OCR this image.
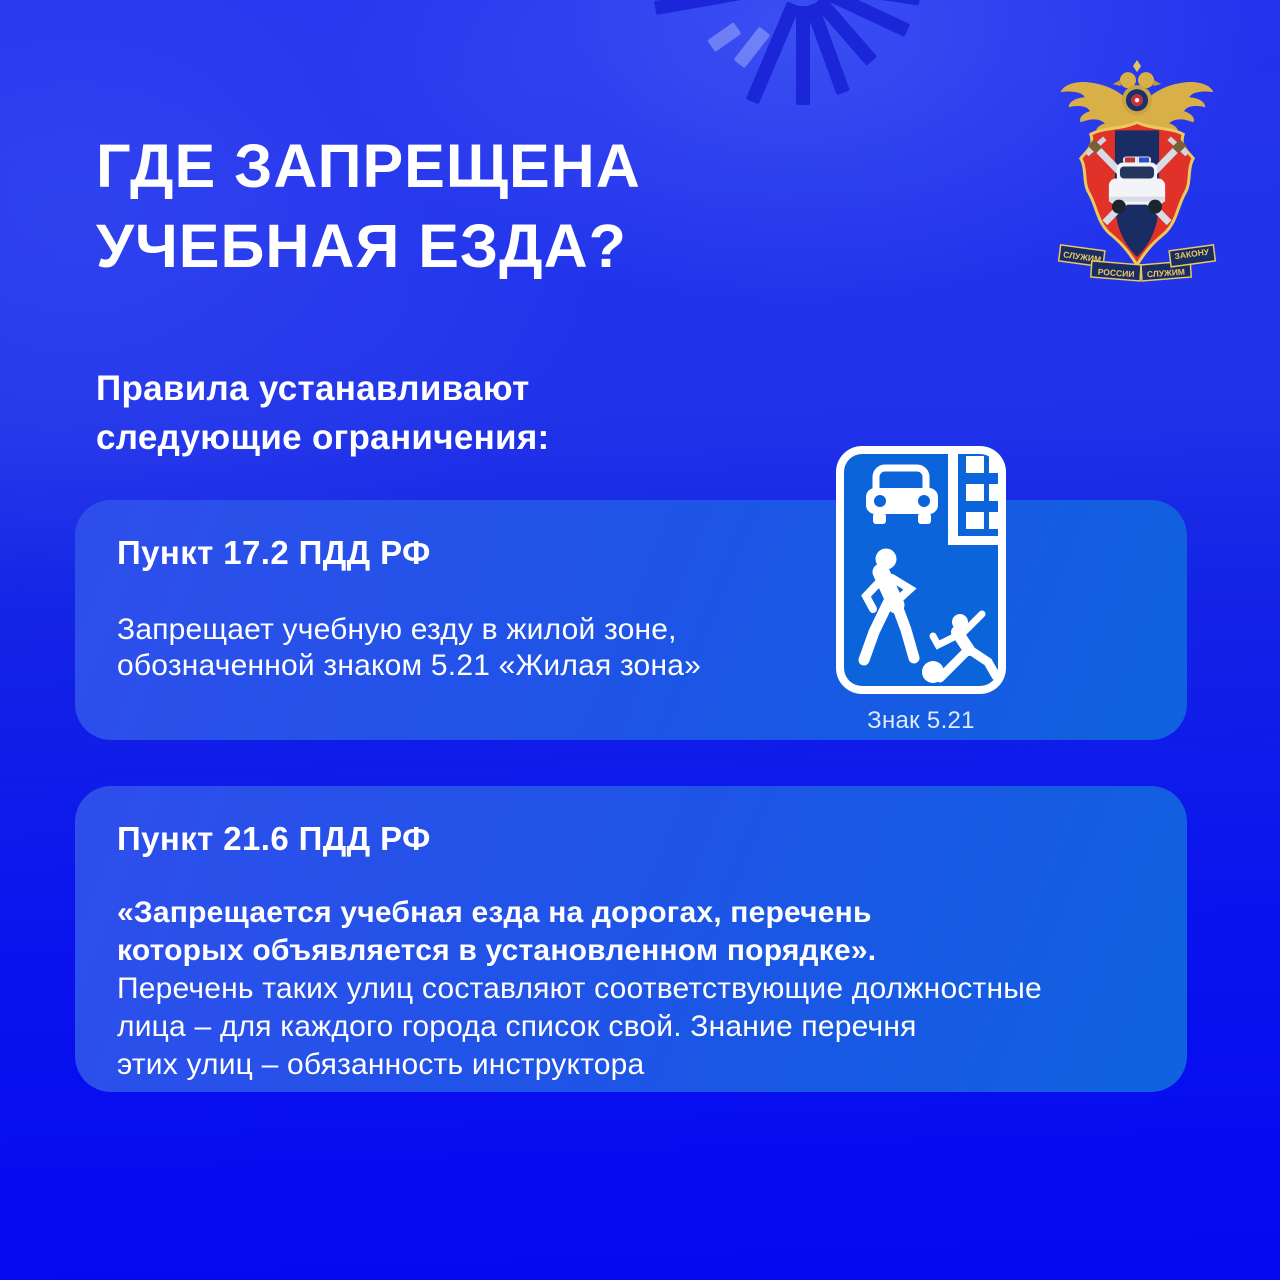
СЛУЖИМ
РОССИИ СЛУЖИМ
ЗАКОНУ
ГДЕ ЗАПРЕЩЕНА
УЧЕБНАЯ ЕЗДА?
Правила устанавливают
следующие ограничения:
Пункт 17.2 ПДД РФ
Запрещает учебную езду в жилой зоне,
обозначенной знаком 5.21 «Жилая зона»
Пункт 21.6 ПДД РФ
«Запрещается учебная езда на дорогах, перечень
которых объявляется в установленном порядке».
Перечень таких улиц составляют соответствующие должностные
лица – для каждого города список свой. Знание перечня
этих улиц – обязанность инструктора
Знак 5.21
